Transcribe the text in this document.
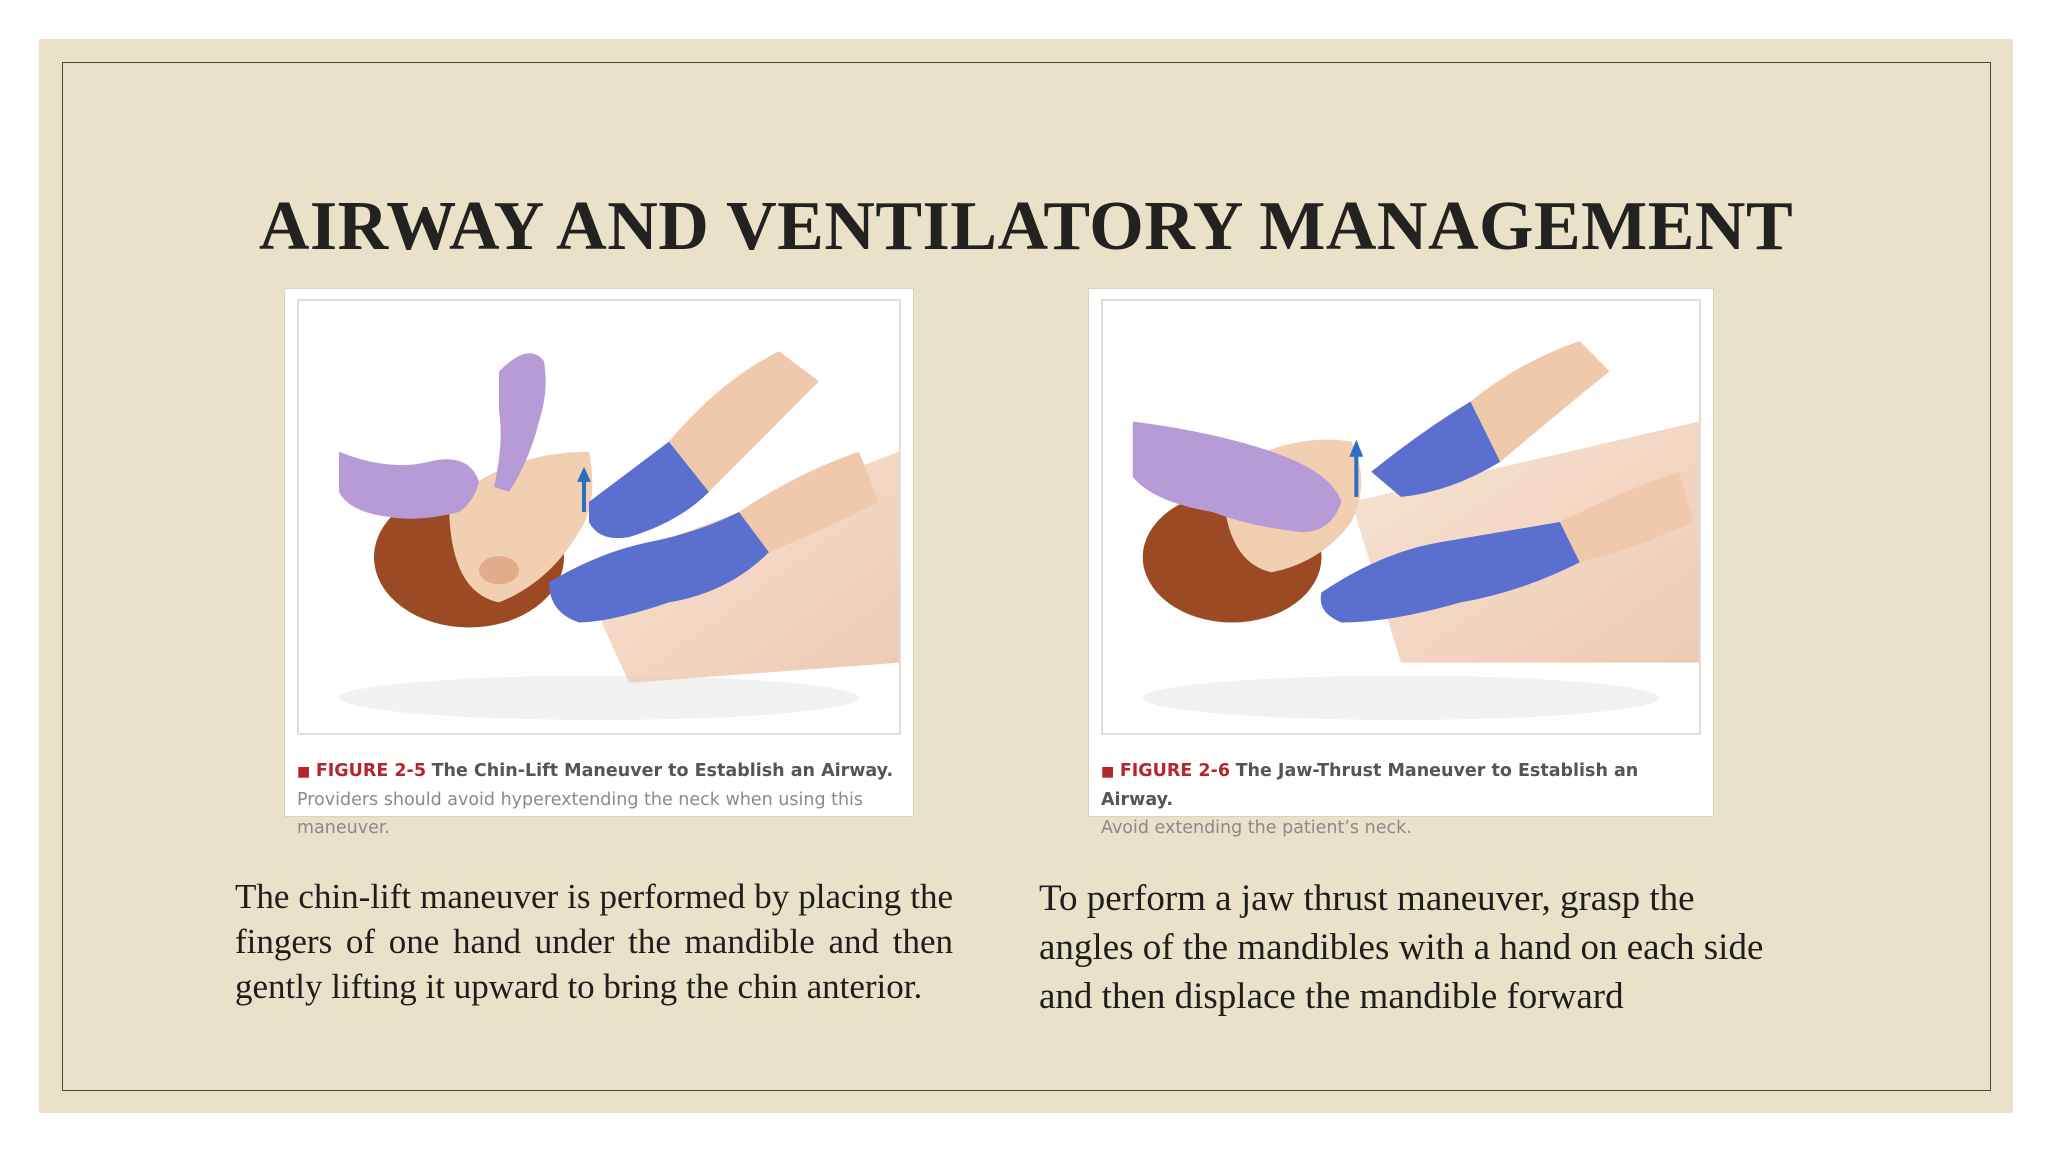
AIRWAY AND VENTILATORY MANAGEMENT
■ FIGURE 2-5 The Chin-Lift Maneuver to Establish an Airway. Providers should avoid hyperextending the neck when using this maneuver.
■ FIGURE 2-6 The Jaw-Thrust Maneuver to Establish an Airway.
Avoid extending the patient’s neck.
The chin-lift maneuver is performed by placing the fingers of one hand under the mandible and then gently lifting it upward to bring the chin anterior.
To perform a jaw thrust maneuver, grasp the angles of the mandibles with a hand on each side and then displace the mandible forward
